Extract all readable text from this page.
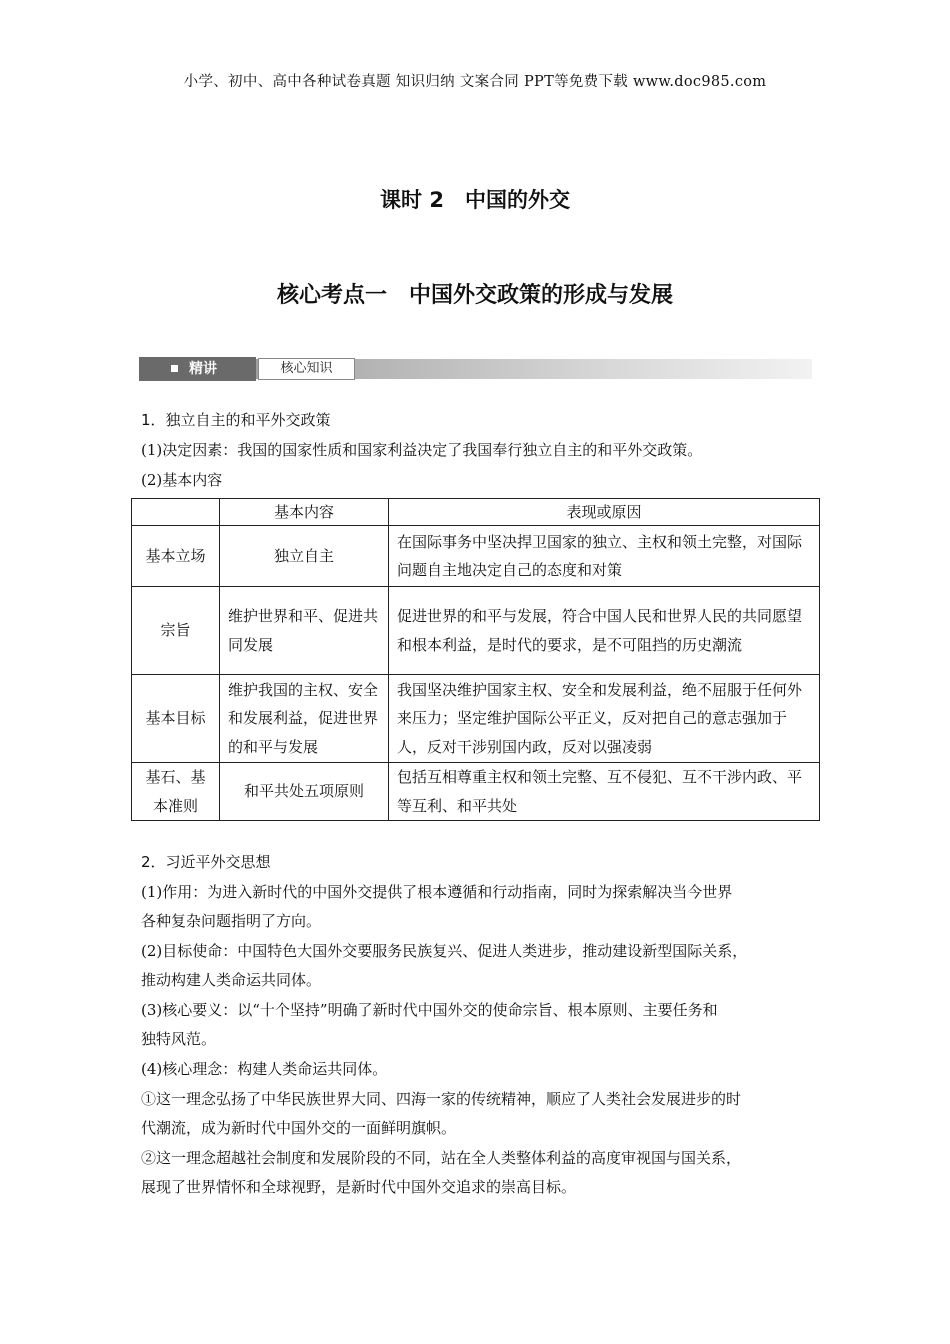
小学、初中、高中各种试卷真题 知识归纳 文案合同 PPT等免费下载 www.doc985.com
课时 2　中国的外交
核心考点一　中国外交政策的形成与发展
精讲	核心知识
1．独立自主的和平外交政策
(1)决定因素：我国的国家性质和国家利益决定了我国奉行独立自主的和平外交政策。
(2)基本内容
	基本内容	表现或原因
基本立场	独立自主	在国际事务中坚决捍卫国家的独立、主权和领土完整，对国际问题自主地决定自己的态度和对策
宗旨	维护世界和平、促进共同发展	促进世界的和平与发展，符合中国人民和世界人民的共同愿望和根本利益，是时代的要求，是不可阻挡的历史潮流
基本目标	维护我国的主权、安全和发展利益，促进世界的和平与发展	我国坚决维护国家主权、安全和发展利益，绝不屈服于任何外来压力；坚定维护国际公平正义，反对把自己的意志强加于人，反对干涉别国内政，反对以强凌弱
基石、基本准则	和平共处五项原则	包括互相尊重主权和领土完整、互不侵犯、互不干涉内政、平等互利、和平共处
2．习近平外交思想
(1)作用：为进入新时代的中国外交提供了根本遵循和行动指南，同时为探索解决当今世界
各种复杂问题指明了方向。
(2)目标使命：中国特色大国外交要服务民族复兴、促进人类进步，推动建设新型国际关系，
推动构建人类命运共同体。
(3)核心要义：以“十个坚持”明确了新时代中国外交的使命宗旨、根本原则、主要任务和
独特风范。
(4)核心理念：构建人类命运共同体。
①这一理念弘扬了中华民族世界大同、四海一家的传统精神，顺应了人类社会发展进步的时
代潮流，成为新时代中国外交的一面鲜明旗帜。
②这一理念超越社会制度和发展阶段的不同，站在全人类整体利益的高度审视国与国关系，
展现了世界情怀和全球视野，是新时代中国外交追求的崇高目标。
